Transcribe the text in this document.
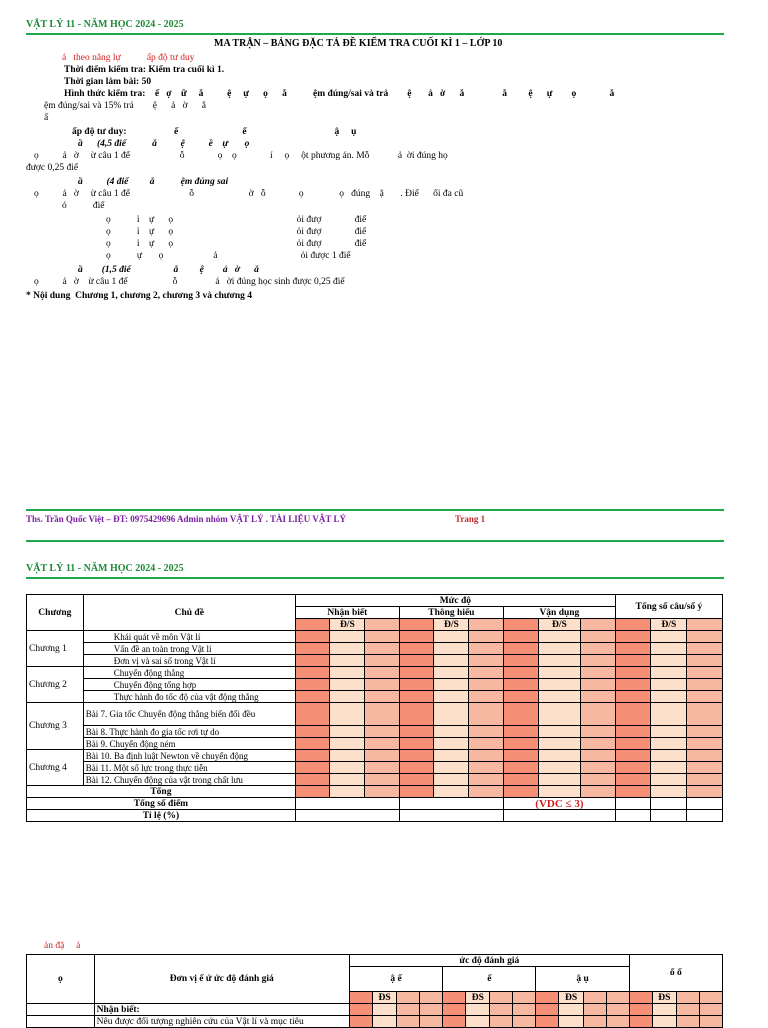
VẬT LÝ 11 - NĂM HỌC 2024 - 2025
MA TRẬN – BẢNG ĐẶC TẢ ĐỀ KIỂM TRA CUỐI KÌ 1 – LỚP 10
ả   theo năng lự           ấp độ tư duy
Thời điểm kiểm tra: Kiểm tra cuối kì 1.
Thời gian làm bài: 50
Hình thức kiểm tra:    ế   ợ    ữ     ắ          ệ     ự      ọ      ắ           ệm đúng/sai và trả        ệ       ả   ờ      ắ                ắ         ệ      ự        ọ              ắ
ệm đúng/sai và 15% trả        ệ      ả   ờ      ắ
ấ
ấp độ tư duy:                    ế                           ể                                     ậ     ụ
ầ      (4,5 điể           ắ          ệ          ề    ự       ọ
ọ          ả   ờ     ừ câu 1 để                     ỗ              ọ    ọ              í     ọ     ột phương án. Mỗ            ả  ời đúng họ
được 0,25 điể
ầ          (4 điể         ắ           ệm đúng sai
ọ          ả   ờ     ừ câu 1 để                         ỗ                       ờ   ỗ              ọ               ọ   đúng    ặ       . Điể      ối đa cũ
ó           điể
ọ           ỉ    ự      ọ                                                    ỏi đượ              điể
ọ           ỉ    ự      ọ                                                    ỏi đượ              điể
ọ           ỉ    ự      ọ                                                    ỏi đượ              điể
ọ           ự       ọ                     ả                                   ỏi được 1 điể
ầ        (1,5 điể                  ắ         ệ        ả   ờ      ắ
ọ          ả   ờ    ừ câu 1 để                   ỗ                ả   ời đúng học sinh được 0,25 điể
* Nội dung  Chương 1, chương 2, chương 3 và chương 4
Ths. Trần Quốc Việt – ĐT: 0975429696 Admin nhóm VẬT LÝ . TÀI LIỆU VẬT LÝ	Trang 1
VẬT LÝ 11 - NĂM HỌC 2024 - 2025
Chương	Chủ đề	Mức độ									Tổng số câu/số ý		
		Nhận biết			Thông hiểu			Vận dụng					
			Đ/S			Đ/S			Đ/S			Đ/S	
Chương 1	Khái quát về môn Vật lí												
	Vấn đề an toàn trong Vật lí												
	Đơn vị và sai số trong Vật lí												
Chương 2	Chuyển động thẳng												
	Chuyển động tổng hợp												
	Thực hành đo tốc độ của vật động thẳng												
Chương 3	Bài 7. Gia tốc Chuyển động thẳng biến đổi đều												
	Bài 8. Thực hành đo gia tốc rơi tự do												
	Bài 9. Chuyển động ném												
Chương 4	Bài 10. Ba định luật Newton về chuyển động												
	Bài 11. Một số lực trong thực tiễn												
	Bài 12. Chuyển động của vật trong chất lưu												
Tổng													
Tổng số điểm								(VDC ≤ 3)					
Tỉ lệ (%)													
ản đặ     ả
ọ	Đơn vị ế ứ ức độ đánh giá	ức độ đánh giá												ổ ố			
		ậ ế				ể				ậ ụ							
			ĐS				ĐS				ĐS				ĐS		
	Nhận biết:																
	Nêu được đối tượng nghiên cứu của Vật lí và mục tiêu																
